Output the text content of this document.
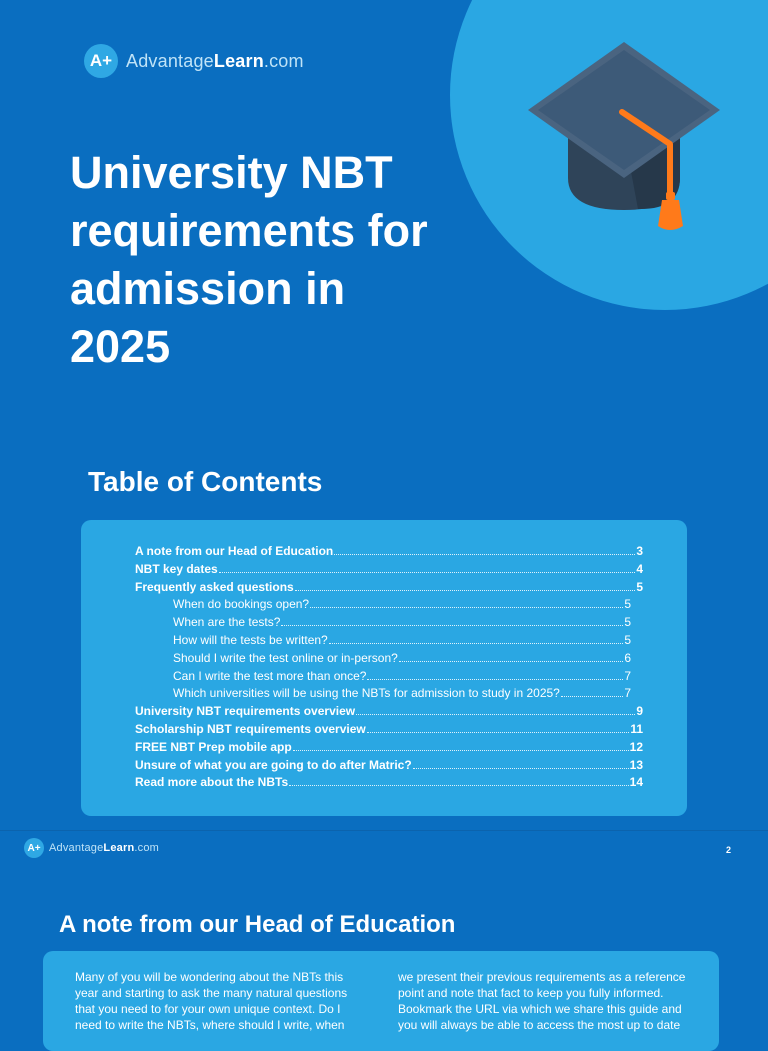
A+ AdvantageLearn.com
University NBT requirements for admission in 2025
Table of Contents
A note from our Head of Education	3
NBT key dates	4
Frequently asked questions	5
When do bookings open?	5
When are the tests?	5
How will the tests be written?	5
Should I write the test online or in-person?	6
Can I write the test more than once?	7
Which universities will be using the NBTs for admission to study in 2025?	7
University NBT requirements overview	9
Scholarship NBT requirements overview	11
FREE NBT Prep mobile app	12
Unsure of what you are going to do after Matric?	13
Read more about the NBTs	14
A+ AdvantageLearn.com	2
A note from our Head of Education

Many of you will be wondering about the NBTs this year and starting to ask the many natural questions that you need to for your own unique context. Do I need to write the NBTs, where should I write, when

we present their previous requirements as a reference point and note that fact to keep you fully informed. Bookmark the URL via which we share this guide and you will always be able to access the most up to date
